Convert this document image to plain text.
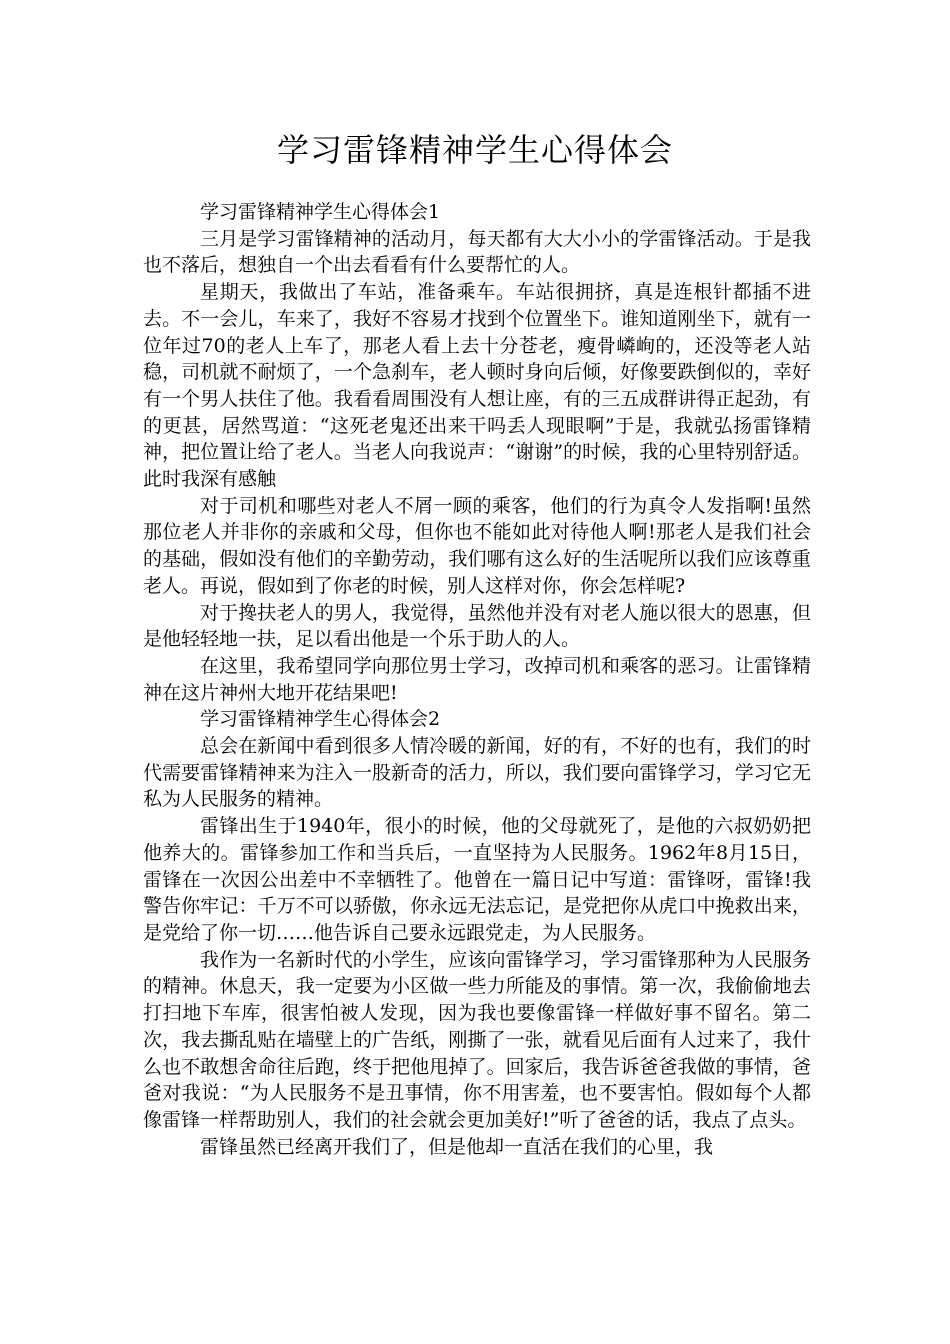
学习雷锋精神学生心得体会

学习雷锋精神学生心得体会1

三月是学习雷锋精神的活动月，每天都有大大小小的学雷锋活动。于是我也不落后，想独自一个出去看看有什么要帮忙的人。

星期天，我做出了车站，准备乘车。车站很拥挤，真是连根针都插不进去。不一会儿，车来了，我好不容易才找到个位置坐下。谁知道刚坐下，就有一位年过70的老人上车了，那老人看上去十分苍老，瘦骨嶙峋的，还没等老人站稳，司机就不耐烦了，一个急刹车，老人顿时身向后倾，好像要跌倒似的，幸好有一个男人扶住了他。我看看周围没有人想让座，有的三五成群讲得正起劲，有的更甚，居然骂道：“这死老鬼还出来干吗丢人现眼啊”于是，我就弘扬雷锋精神，把位置让给了老人。当老人向我说声：“谢谢”的时候，我的心里特别舒适。此时我深有感触

对于司机和哪些对老人不屑一顾的乘客，他们的行为真令人发指啊!虽然那位老人并非你的亲戚和父母，但你也不能如此对待他人啊!那老人是我们社会的基础，假如没有他们的辛勤劳动，我们哪有这么好的生活呢所以我们应该尊重老人。再说，假如到了你老的时候，别人这样对你，你会怎样呢?

对于搀扶老人的男人，我觉得，虽然他并没有对老人施以很大的恩惠，但是他轻轻地一扶，足以看出他是一个乐于助人的人。

在这里，我希望同学向那位男士学习，改掉司机和乘客的恶习。让雷锋精神在这片神州大地开花结果吧!

学习雷锋精神学生心得体会2

总会在新闻中看到很多人情冷暖的新闻，好的有，不好的也有，我们的时代需要雷锋精神来为注入一股新奇的活力，所以，我们要向雷锋学习，学习它无私为人民服务的精神。

雷锋出生于1940年，很小的时候，他的父母就死了，是他的六叔奶奶把他养大的。雷锋参加工作和当兵后，一直坚持为人民服务。1962年8月15日，雷锋在一次因公出差中不幸牺牲了。他曾在一篇日记中写道：雷锋呀，雷锋!我警告你牢记：千万不可以骄傲，你永远无法忘记，是党把你从虎口中挽救出来，是党给了你一切……他告诉自己要永远跟党走，为人民服务。

我作为一名新时代的小学生，应该向雷锋学习，学习雷锋那种为人民服务的精神。休息天，我一定要为小区做一些力所能及的事情。第一次，我偷偷地去打扫地下车库，很害怕被人发现，因为我也要像雷锋一样做好事不留名。第二次，我去撕乱贴在墙壁上的广告纸，刚撕了一张，就看见后面有人过来了，我什么也不敢想舍命往后跑，终于把他甩掉了。回家后，我告诉爸爸我做的事情，爸爸对我说：“为人民服务不是丑事情，你不用害羞，也不要害怕。假如每个人都像雷锋一样帮助别人，我们的社会就会更加美好!”听了爸爸的话，我点了点头。

雷锋虽然已经离开我们了，但是他却一直活在我们的心里，我
